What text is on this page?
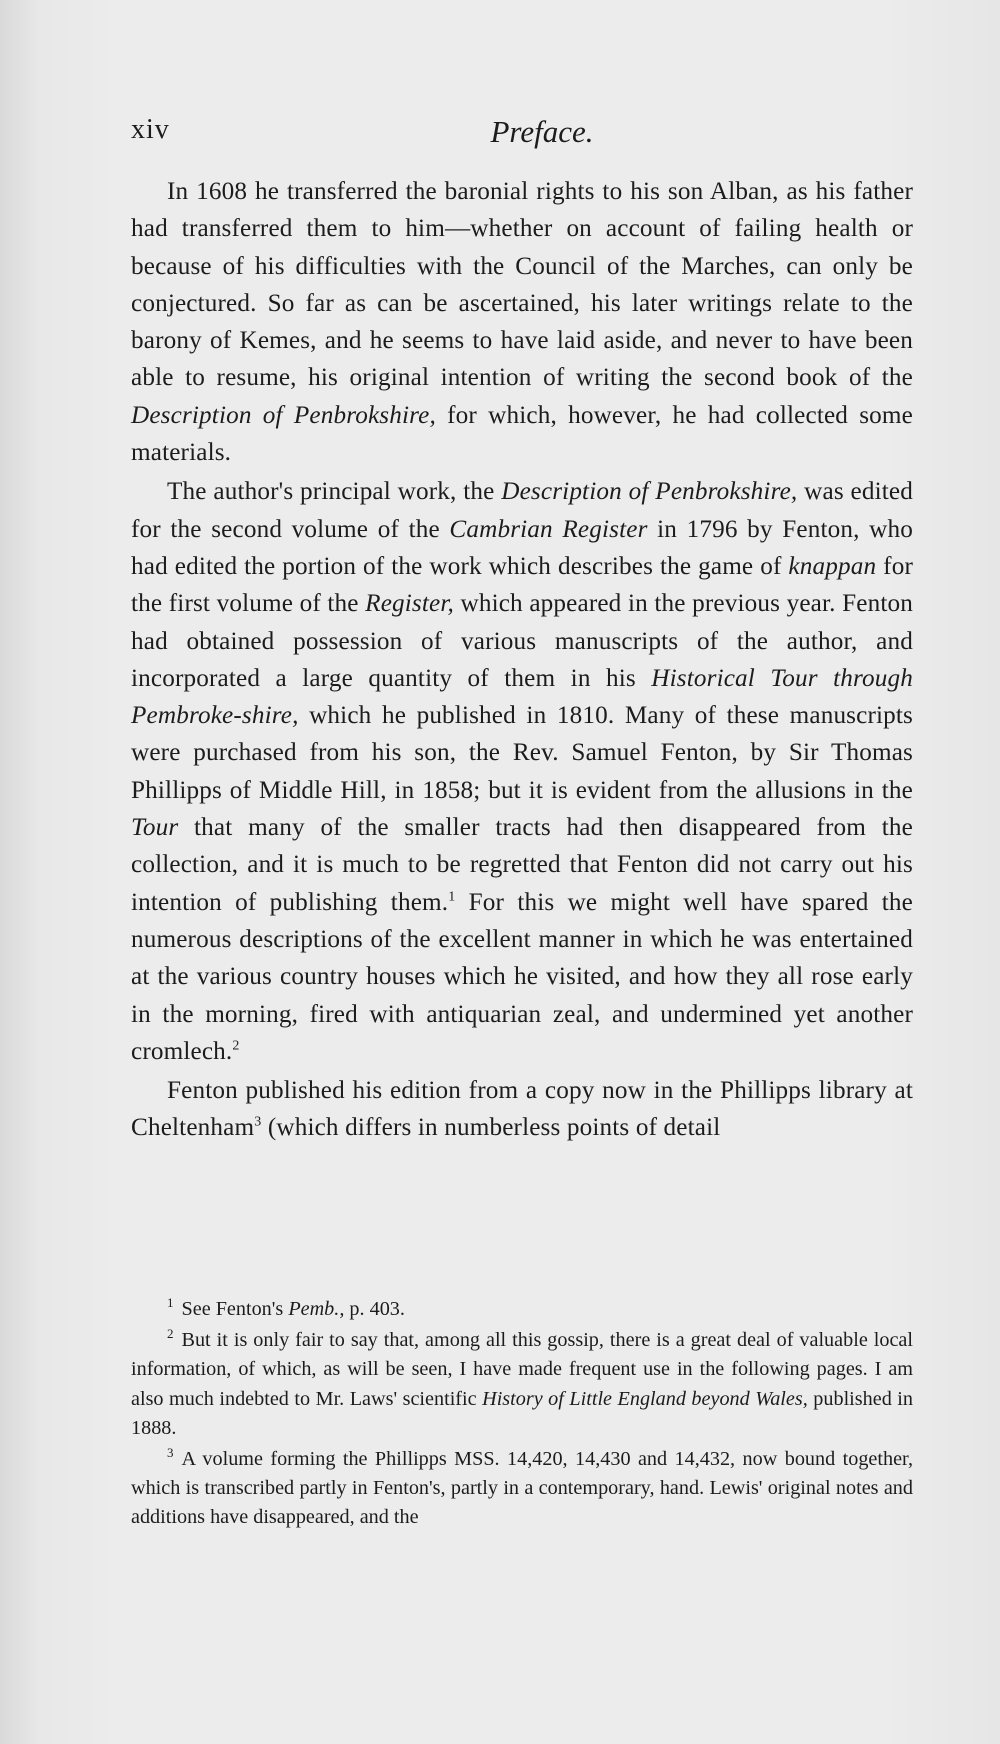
xiv	Preface.

In 1608 he transferred the baronial rights to his son Alban, as his father had transferred them to him—whether on account of failing health or because of his difficulties with the Council of the Marches, can only be conjectured. So far as can be ascertained, his later writings relate to the barony of Kemes, and he seems to have laid aside, and never to have been able to resume, his original intention of writing the second book of the Description of Penbrokshire, for which, however, he had collected some materials.

The author's principal work, the Description of Penbrokshire, was edited for the second volume of the Cambrian Register in 1796 by Fenton, who had edited the portion of the work which describes the game of knappan for the first volume of the Register, which appeared in the previous year. Fenton had obtained possession of various manuscripts of the author, and incorporated a large quantity of them in his Historical Tour through Pembroke-shire, which he published in 1810. Many of these manuscripts were purchased from his son, the Rev. Samuel Fenton, by Sir Thomas Phillipps of Middle Hill, in 1858; but it is evident from the allusions in the Tour that many of the smaller tracts had then disappeared from the collection, and it is much to be regretted that Fenton did not carry out his intention of publishing them.$^1$ For this we might well have spared the numerous descriptions of the excellent manner in which he was entertained at the various country houses which he visited, and how they all rose early in the morning, fired with antiquarian zeal, and undermined yet another cromlech.$^2$

Fenton published his edition from a copy now in the Phillipps library at Cheltenham$^3$ (which differs in numberless points of detail

$^1$ See Fenton's Pemb., p. 403.

$^2$ But it is only fair to say that, among all this gossip, there is a great deal of valuable local information, of which, as will be seen, I have made frequent use in the following pages. I am also much indebted to Mr. Laws' scientific History of Little England beyond Wales, published in 1888.

$^3$ A volume forming the Phillipps MSS. 14,420, 14,430 and 14,432, now bound together, which is transcribed partly in Fenton's, partly in a contemporary, hand. Lewis' original notes and additions have disappeared, and the
